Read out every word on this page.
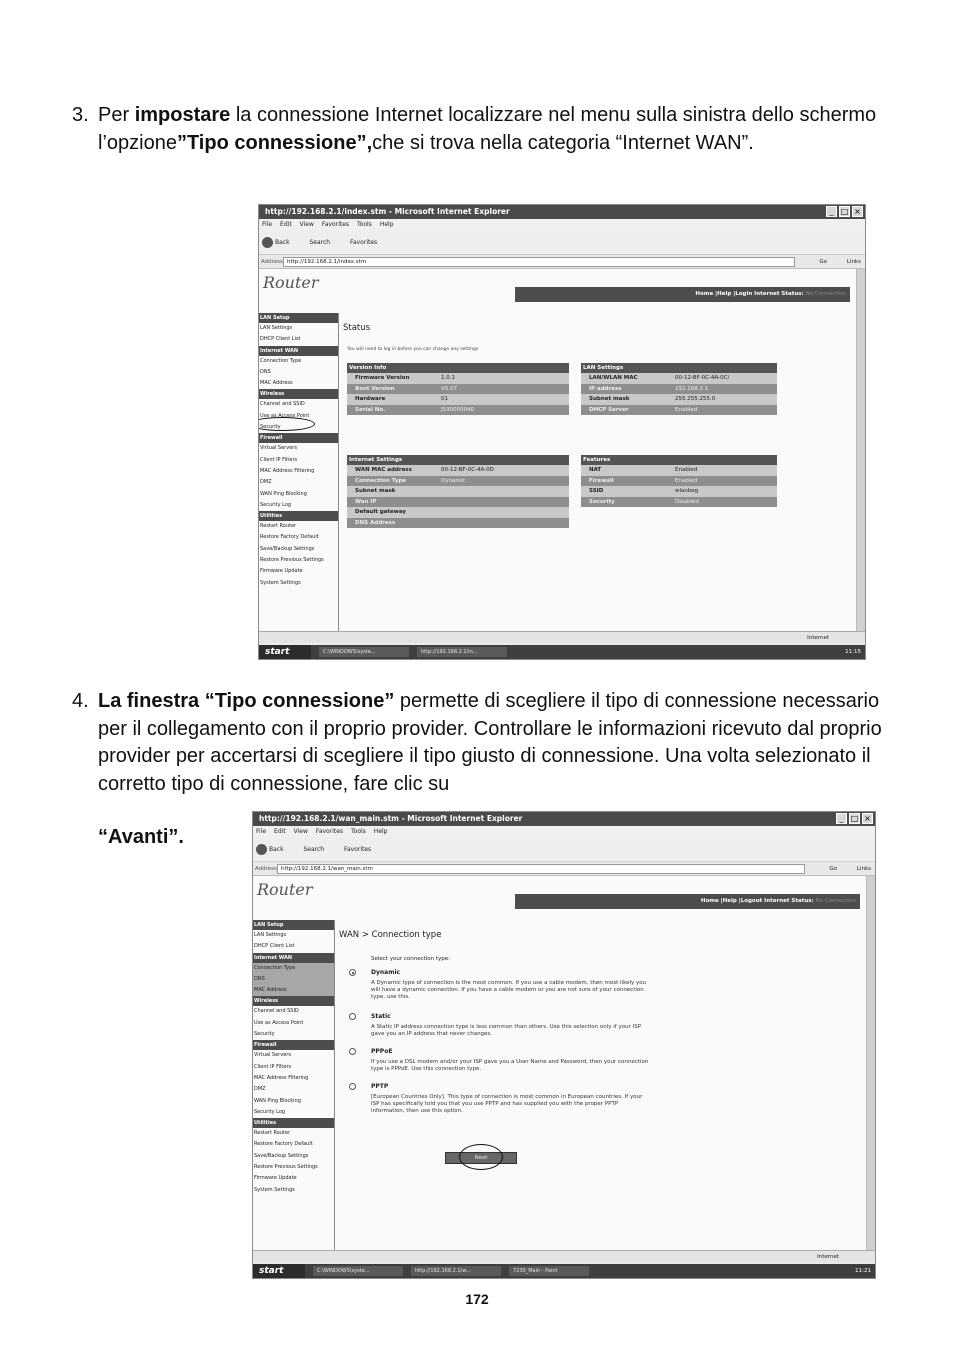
3. Per impostare la connessione Internet localizzare nel menu sulla sinistra dello schermo l’opzione”Tipo connessione”,che si trova nella categoria “Internet WAN”.
http://192.168.2.1/index.stm - Microsoft Internet Explorer	_ □ ×
File Edit View Favorites Tools Help
Back	Search	Favorites
Address http://192.168.2.1/index.stm	Go	Links
Router
Home |Help |Login Internet Status: No Connection
LAN Setup
LAN Settings
DHCP Client List
Internet WAN
Connection Type
DNS
MAC Address
Wireless
Channel and SSID
Use as Access Point
Security
Firewall
Virtual Servers
Client IP Filters
MAC Address Filtering
DMZ
WAN Ping Blocking
Security Log
Utilities
Restart Router
Restore Factory Default
Save/Backup Settings
Restore Previous Settings
Firmware Update
System Settings
Status
You will need to log in before you can change any settings
Version Info
Firmware Version	1.0.1
Boot Version	V0.07
Hardware	01
Serial No.	J530000040
LAN Settings
LAN/WLAN MAC	00-12-BF-0C-4A-0C/
IP address	192.168.2.1
Subnet mask	255.255.255.0
DHCP Server	Enabled
Internet Settings
WAN MAC address	00-12-BF-0C-4A-0D
Connection Type	Dynamic
Subnet mask
Wan IP
Default gateway
DNS Address
Features
NAT	Enabled
Firewall	Enabled
SSID	wlanbeg
Security	Disabled
Internet
start	C:\WINDOWS\syste...	http://192.168.2.1/in...	11:15
4. La finestra “Tipo connessione” permette di scegliere il tipo di connessione necessario per il collegamento con il proprio provider. Controllare le informazioni ricevuto dal proprio provider per accertarsi di scegliere il tipo giusto di connessione. Una volta selezionato il corretto tipo di connessione, fare clic su
“Avanti”.
http://192.168.2.1/wan_main.stm - Microsoft Internet Explorer	_ □ ×
File Edit View Favorites Tools Help
Back	Search	Favorites
Address http://192.168.2.1/wan_main.stm	Go	Links
Router
Home |Help |Logout Internet Status: No Connection
LAN Setup
LAN Settings
DHCP Client List
Internet WAN
Connection Type
DNS
MAC Address
Wireless
Channel and SSID
Use as Access Point
Security
Firewall
Virtual Servers
Client IP Filters
MAC Address Filtering
DMZ
WAN Ping Blocking
Security Log
Utilities
Restart Router
Restore Factory Default
Save/Backup Settings
Restore Previous Settings
Firmware Update
System Settings
WAN > Connection type
Select your connection type:
Dynamic
A Dynamic type of connection is the most common. If you use a cable modem, then most likely you will have a dynamic connection. If you have a cable modem or you are not sure of your connection type, use this.
Static
A Static IP address connection type is less common than others. Use this selection only if your ISP gave you an IP address that never changes.
PPPoE
If you use a DSL modem and/or your ISP gave you a User Name and Password, then your connection type is PPPoE. Use this connection type.
PPTP
[European Countries Only]. This type of connection is most common in European countries. If your ISP has specifically told you that you use PPTP and has supplied you with the proper PPTP information, then use this option.
Next
Internet
start	C:\WINDOWS\syste...	http://192.168.2.1/w...	7230_Main - Paint	11:21
172
